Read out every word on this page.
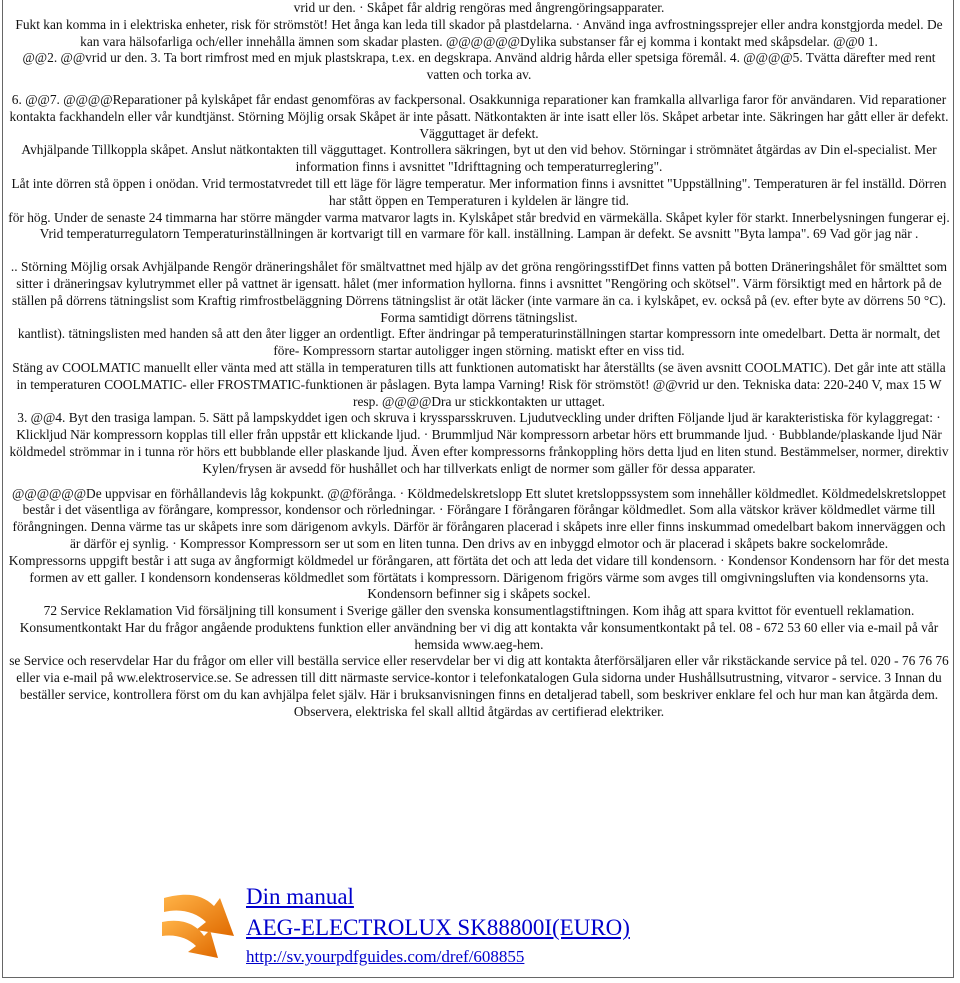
vrid ur den. · Skåpet får aldrig rengöras med ångrengöringsapparater.

Fukt kan komma in i elektriska enheter, risk för strömstöt! Het ånga kan leda till skador på plastdelarna. · Använd inga avfrostningssprejer eller andra konstgjorda medel. De kan vara hälsofarliga och/eller innehålla ämnen som skadar plasten. @@@@@@Dylika substanser får ej komma i kontakt med skåpsdelar. @@0 1.

@@2. @@vrid ur den. 3. Ta bort rimfrost med en mjuk plastskrapa, t.ex. en degskrapa. Använd aldrig hårda eller spetsiga föremål. 4. @@@@5. Tvätta därefter med rent vatten och torka av.

6. @@7. @@@@Reparationer på kylskåpet får endast genomföras av fackpersonal. Osakkunniga reparationer kan framkalla allvarliga faror för användaren. Vid reparationer kontakta fackhandeln eller vår kundtjänst. Störning Möjlig orsak Skåpet är inte påsatt. Nätkontakten är inte isatt eller lös. Skåpet arbetar inte. Säkringen har gått eller är defekt. Vägguttaget är defekt.

Avhjälpande Tillkoppla skåpet. Anslut nätkontakten till vägguttaget. Kontrollera säkringen, byt ut den vid behov. Störningar i strömnätet åtgärdas av Din el-specialist. Mer information finns i avsnittet "Idrifttagning och temperaturreglering".

Låt inte dörren stå öppen i onödan. Vrid termostatvredet till ett läge för lägre temperatur. Mer information finns i avsnittet "Uppställning". Temperaturen är fel inställd. Dörren har stått öppen en Temperaturen i kyldelen är längre tid.

för hög. Under de senaste 24 timmarna har större mängder varma matvaror lagts in. Kylskåpet står bredvid en värmekälla. Skåpet kyler för starkt. Innerbelysningen fungerar ej. Vrid temperaturregulatorn Temperaturinställningen är kortvarigt till en varmare för kall. inställning. Lampan är defekt. Se avsnitt "Byta lampa". 69 Vad gör jag när .

.. Störning Möjlig orsak Avhjälpande Rengör dräneringshålet för smältvattnet med hjälp av det gröna rengöringsstifDet finns vatten på botten Dräneringshålet för smälttet som sitter i dräneringsav kylutrymmet eller på vattnet är igensatt. hålet (mer information hyllorna. finns i avsnittet "Rengöring och skötsel". Värm försiktigt med en hårtork på de ställen på dörrens tätningslist som Kraftig rimfrostbeläggning Dörrens tätningslist är otät läcker (inte varmare än ca. i kylskåpet, ev. också på (ev. efter byte av dörrens 50 °C). Forma samtidigt dörrens tätningslist.

kantlist). tätningslisten med handen så att den åter ligger an ordentligt. Efter ändringar på temperaturinställningen startar kompressorn inte omedelbart. Detta är normalt, det före- Kompressorn startar autoligger ingen störning. matiskt efter en viss tid.

Stäng av COOLMATIC manuellt eller vänta med att ställa in temperaturen tills att funktionen automatiskt har återställts (se även avsnitt COOLMATIC). Det går inte att ställa in temperaturen COOLMATIC- eller FROSTMATIC-funktionen är påslagen. Byta lampa Varning! Risk för strömstöt! @@vrid ur den. Tekniska data: 220-240 V, max 15 W resp. @@@@Dra ur stickkontakten ur uttaget.

3. @@4. Byt den trasiga lampan. 5. Sätt på lampskyddet igen och skruva i kryssparsskruven. Ljudutveckling under driften Följande ljud är karakteristiska för kylaggregat: · Klickljud När kompressorn kopplas till eller från uppstår ett klickande ljud. · Brummljud När kompressorn arbetar hörs ett brummande ljud. · Bubblande/plaskande ljud När köldmedel strömmar in i tunna rör hörs ett bubblande eller plaskande ljud. Även efter kompressorns frånkoppling hörs detta ljud en liten stund. Bestämmelser, normer, direktiv Kylen/frysen är avsedd för hushållet och har tillverkats enligt de normer som gäller för dessa apparater.

@@@@@@De uppvisar en förhållandevis låg kokpunkt. @@förånga. · Köldmedelskretslopp Ett slutet kretsloppssystem som innehåller köldmedlet. Köldmedelskretsloppet består i det väsentliga av förångare, kompressor, kondensor och rörledningar. · Förångare I förångaren förångar köldmedlet. Som alla vätskor kräver köldmedlet värme till förångningen. Denna värme tas ur skåpets inre som därigenom avkyls. Därför är förångaren placerad i skåpets inre eller finns inskummad omedelbart bakom innerväggen och är därför ej synlig. · Kompressor Kompressorn ser ut som en liten tunna. Den drivs av en inbyggd elmotor och är placerad i skåpets bakre sockelområde.

Kompressorns uppgift består i att suga av ångformigt köldmedel ur förångaren, att förtäta det och att leda det vidare till kondensorn. · Kondensor Kondensorn har för det mesta formen av ett galler. I kondensorn kondenseras köldmedlet som förtätats i kompressorn. Därigenom frigörs värme som avges till omgivningsluften via kondensorns yta. Kondensorn befinner sig i skåpets sockel.

72 Service Reklamation Vid försäljning till konsument i Sverige gäller den svenska konsumentlagstiftningen. Kom ihåg att spara kvittot för eventuell reklamation. Konsumentkontakt Har du frågor angående produktens funktion eller användning ber vi dig att kontakta vår konsumentkontakt på tel. 08 - 672 53 60 eller via e-mail på vår hemsida www.aeg-hem.

se Service och reservdelar Har du frågor om eller vill beställa service eller reservdelar ber vi dig att kontakta återförsäljaren eller vår rikstäckande service på tel. 020 - 76 76 76 eller via e-mail på ww.elektroservice.se. Se adressen till ditt närmaste service-kontor i telefonkatalogen Gula sidorna under Hushållsutrustning, vitvaror - service. 3 Innan du beställer service, kontrollera först om du kan avhjälpa felet själv. Här i bruksanvisningen finns en detaljerad tabell, som beskriver enklare fel och hur man kan åtgärda dem. Observera, elektriska fel skall alltid åtgärdas av certifierad elektriker.

Din manual
AEG-ELECTROLUX SK88800I(EURO)
http://sv.yourpdfguides.com/dref/608855
